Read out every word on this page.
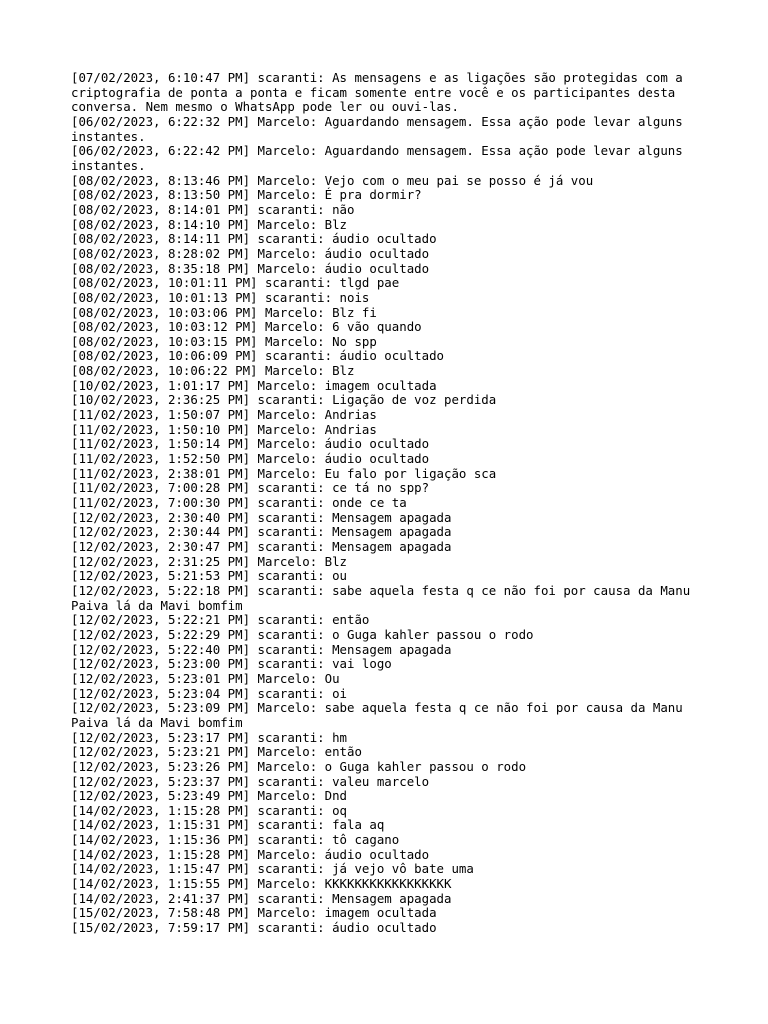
[07/02/2023, 6:10:47 PM] scaranti: As mensagens e as ligações são protegidas com a criptografia de ponta a ponta e ficam somente entre você e os participantes desta conversa. Nem mesmo o WhatsApp pode ler ou ouvi-las.

[06/02/2023, 6:22:32 PM] Marcelo: Aguardando mensagem. Essa ação pode levar alguns instantes.

[06/02/2023, 6:22:42 PM] Marcelo: Aguardando mensagem. Essa ação pode levar alguns instantes.

[08/02/2023, 8:13:46 PM] Marcelo: Vejo com o meu pai se posso é já vou

[08/02/2023, 8:13:50 PM] Marcelo: É pra dormir?

[08/02/2023, 8:14:01 PM] scaranti: não

[08/02/2023, 8:14:10 PM] Marcelo: Blz

[08/02/2023, 8:14:11 PM] scaranti: áudio ocultado

[08/02/2023, 8:28:02 PM] Marcelo: áudio ocultado

[08/02/2023, 8:35:18 PM] Marcelo: áudio ocultado

[08/02/2023, 10:01:11 PM] scaranti: tlgd pae

[08/02/2023, 10:01:13 PM] scaranti: nois

[08/02/2023, 10:03:06 PM] Marcelo: Blz fi

[08/02/2023, 10:03:12 PM] Marcelo: 6 vão quando

[08/02/2023, 10:03:15 PM] Marcelo: No spp

[08/02/2023, 10:06:09 PM] scaranti: áudio ocultado

[08/02/2023, 10:06:22 PM] Marcelo: Blz

[10/02/2023, 1:01:17 PM] Marcelo: imagem ocultada

[10/02/2023, 2:36:25 PM] scaranti: Ligação de voz perdida

[11/02/2023, 1:50:07 PM] Marcelo: Andrias

[11/02/2023, 1:50:10 PM] Marcelo: Andrias

[11/02/2023, 1:50:14 PM] Marcelo: áudio ocultado

[11/02/2023, 1:52:50 PM] Marcelo: áudio ocultado

[11/02/2023, 2:38:01 PM] Marcelo: Eu falo por ligação sca

[11/02/2023, 7:00:28 PM] scaranti: ce tá no spp?

[11/02/2023, 7:00:30 PM] scaranti: onde ce ta

[12/02/2023, 2:30:40 PM] scaranti: Mensagem apagada

[12/02/2023, 2:30:44 PM] scaranti: Mensagem apagada

[12/02/2023, 2:30:47 PM] scaranti: Mensagem apagada

[12/02/2023, 2:31:25 PM] Marcelo: Blz

[12/02/2023, 5:21:53 PM] scaranti: ou

[12/02/2023, 5:22:18 PM] scaranti: sabe aquela festa q ce não foi por causa da Manu Paiva lá da Mavi bomfim

[12/02/2023, 5:22:21 PM] scaranti: então

[12/02/2023, 5:22:29 PM] scaranti: o Guga kahler passou o rodo

[12/02/2023, 5:22:40 PM] scaranti: Mensagem apagada

[12/02/2023, 5:23:00 PM] scaranti: vai logo

[12/02/2023, 5:23:01 PM] Marcelo: Ou

[12/02/2023, 5:23:04 PM] scaranti: oi

[12/02/2023, 5:23:09 PM] Marcelo: sabe aquela festa q ce não foi por causa da Manu Paiva lá da Mavi bomfim

[12/02/2023, 5:23:17 PM] scaranti: hm

[12/02/2023, 5:23:21 PM] Marcelo: então

[12/02/2023, 5:23:26 PM] Marcelo: o Guga kahler passou o rodo

[12/02/2023, 5:23:37 PM] scaranti: valeu marcelo

[12/02/2023, 5:23:49 PM] Marcelo: Dnd

[14/02/2023, 1:15:28 PM] scaranti: oq

[14/02/2023, 1:15:31 PM] scaranti: fala aq

[14/02/2023, 1:15:36 PM] scaranti: tô cagano

[14/02/2023, 1:15:28 PM] Marcelo: áudio ocultado

[14/02/2023, 1:15:47 PM] scaranti: já vejo vô bate uma

[14/02/2023, 1:15:55 PM] Marcelo: KKKKKKKKKKKKKKKKK

[14/02/2023, 2:41:37 PM] scaranti: Mensagem apagada

[15/02/2023, 7:58:48 PM] Marcelo: imagem ocultada

[15/02/2023, 7:59:17 PM] scaranti: áudio ocultado
